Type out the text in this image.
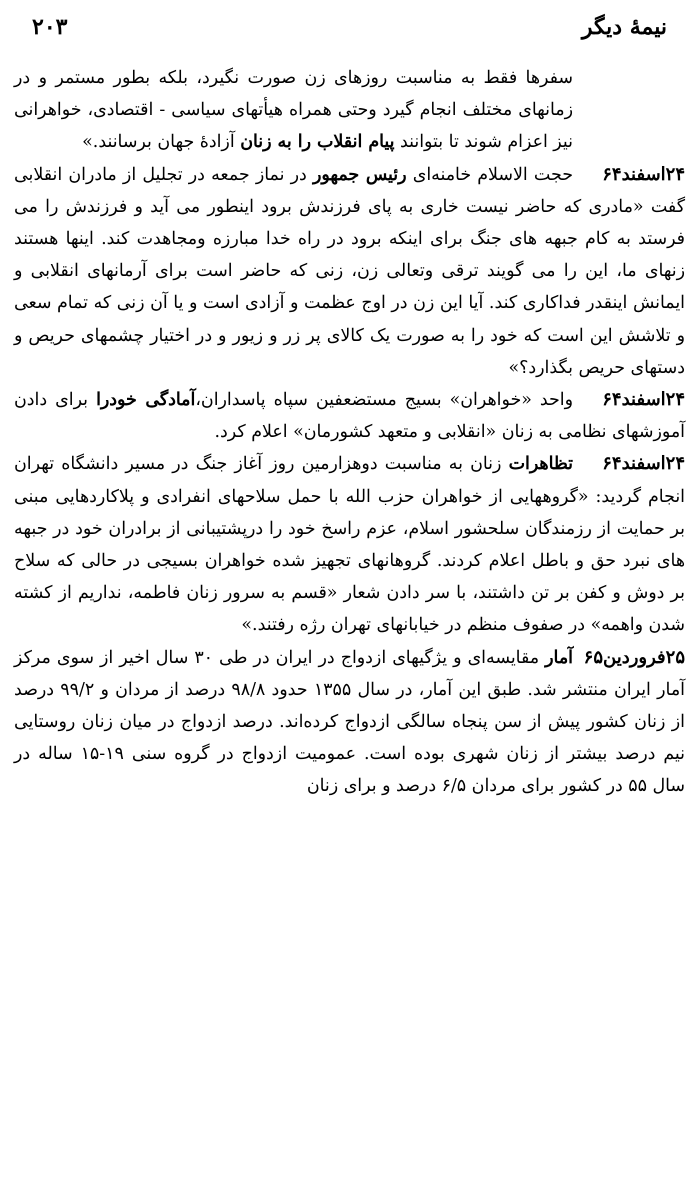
نیمهٔ دیگر
۲۰۳

سفرها فقط به مناسبت روزهای زن صورت نگیرد، بلکه بطور مستمر و در زمانهای مختلف انجام گیرد وحتی همراه هیأتهای سیاسی - اقتصادی، خواهرانی نیز اعزام شوند تا بتوانند پیام انقلاب را به زنان آزادهٔ جهان برسانند.»

۲۴اسفند۶۴

حجت الاسلام خامنه‌ای رئیس جمهور در نماز جمعه در تجلیل از مادران انقلابی گفت «مادری که حاضر نیست خاری به پای فرزندش برود اینطور می آید و فرزندش را می فرستد به کام جبهه های جنگ برای اینکه برود در راه خدا مبارزه ومجاهدت کند. اینها هستند زنهای ما، این را می گویند ترقی وتعالی زن، زنی که حاضر است برای آرمانهای انقلابی و ایمانش اینقدر فداکاری کند. آیا این زن در اوج عظمت و آزادی است و یا آن زنی که تمام سعی و تلاشش این است که خود را به صورت یک کالای پر زر و زیور و در اختیار چشمهای حریص و دستهای حریص بگذارد؟»

۲۴اسفند۶۴

واحد «خواهران» بسیج مستضعفین سپاه پاسداران،آمادگی خودرا برای دادن آموزشهای نظامی به زنان «انقلابی و متعهد کشورمان» اعلام کرد.

۲۴اسفند۶۴

تظاهرات زنان به مناسبت دوهزارمین روز آغاز جنگ در مسیر دانشگاه تهران انجام گردید: «گروههایی از خواهران حزب الله با حمل سلاحهای انفرادی و پلاکاردهایی مبنی بر حمایت از رزمندگان سلحشور اسلام، عزم راسخ خود را درپشتیبانی از برادران خود در جبهه های نبرد حق و باطل اعلام کردند. گروهانهای تجهیز شده خواهران بسیجی در حالی که سلاح بر دوش و کفن بر تن داشتند، با سر دادن شعار «قسم به سرور زنان فاطمه، نداریم از کشته شدن واهمه» در صفوف منظم در خیابانهای تهران رژه رفتند.»

۲۵فروردین۶۵

آمار مقایسه‌ای و یژگیهای ازدواج در ایران در طی ۳۰ سال اخیر از سوی مرکز آمار ایران منتشر شد. طبق این آمار، در سال ۱۳۵۵ حدود ۹۸/۸ درصد از مردان و ۹۹/۲ درصد از زنان کشور پیش از سن پنجاه سالگی ازدواج کرده‌اند. درصد ازدواج در میان زنان روستایی نیم درصد بیشتر از زنان شهری بوده است. عمومیت ازدواج در گروه سنی ۱۹-۱۵ ساله در سال ۵۵ در کشور برای مردان ۶/۵ درصد و برای زنان
